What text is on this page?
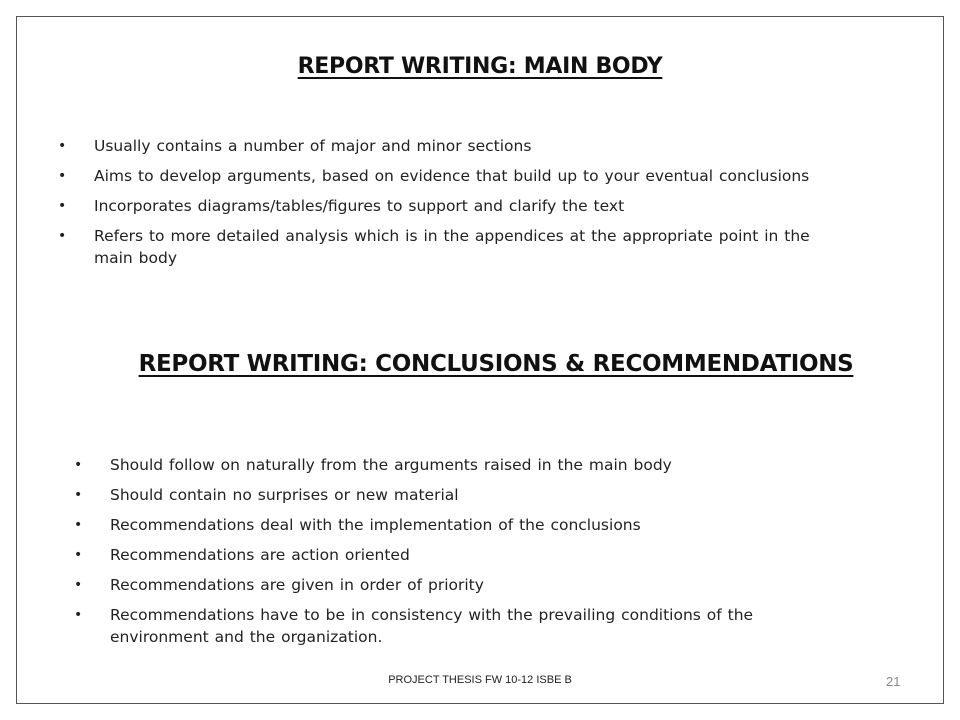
REPORT WRITING: MAIN BODY
• Usually contains a number of major and minor sections
• Aims to develop arguments, based on evidence that build up to your eventual conclusions
• Incorporates diagrams/tables/figures to support and clarify the text
• Refers to more detailed analysis which is in the appendices at the appropriate point in the main body
REPORT WRITING: CONCLUSIONS & RECOMMENDATIONS
• Should follow on naturally from the arguments raised in the main body
• Should contain no surprises or new material
• Recommendations deal with the implementation of the conclusions
• Recommendations are action oriented
• Recommendations are given in order of priority
• Recommendations have to be in consistency with the prevailing conditions of the environment and the organization.
PROJECT THESIS FW 10-12 ISBE B	21
